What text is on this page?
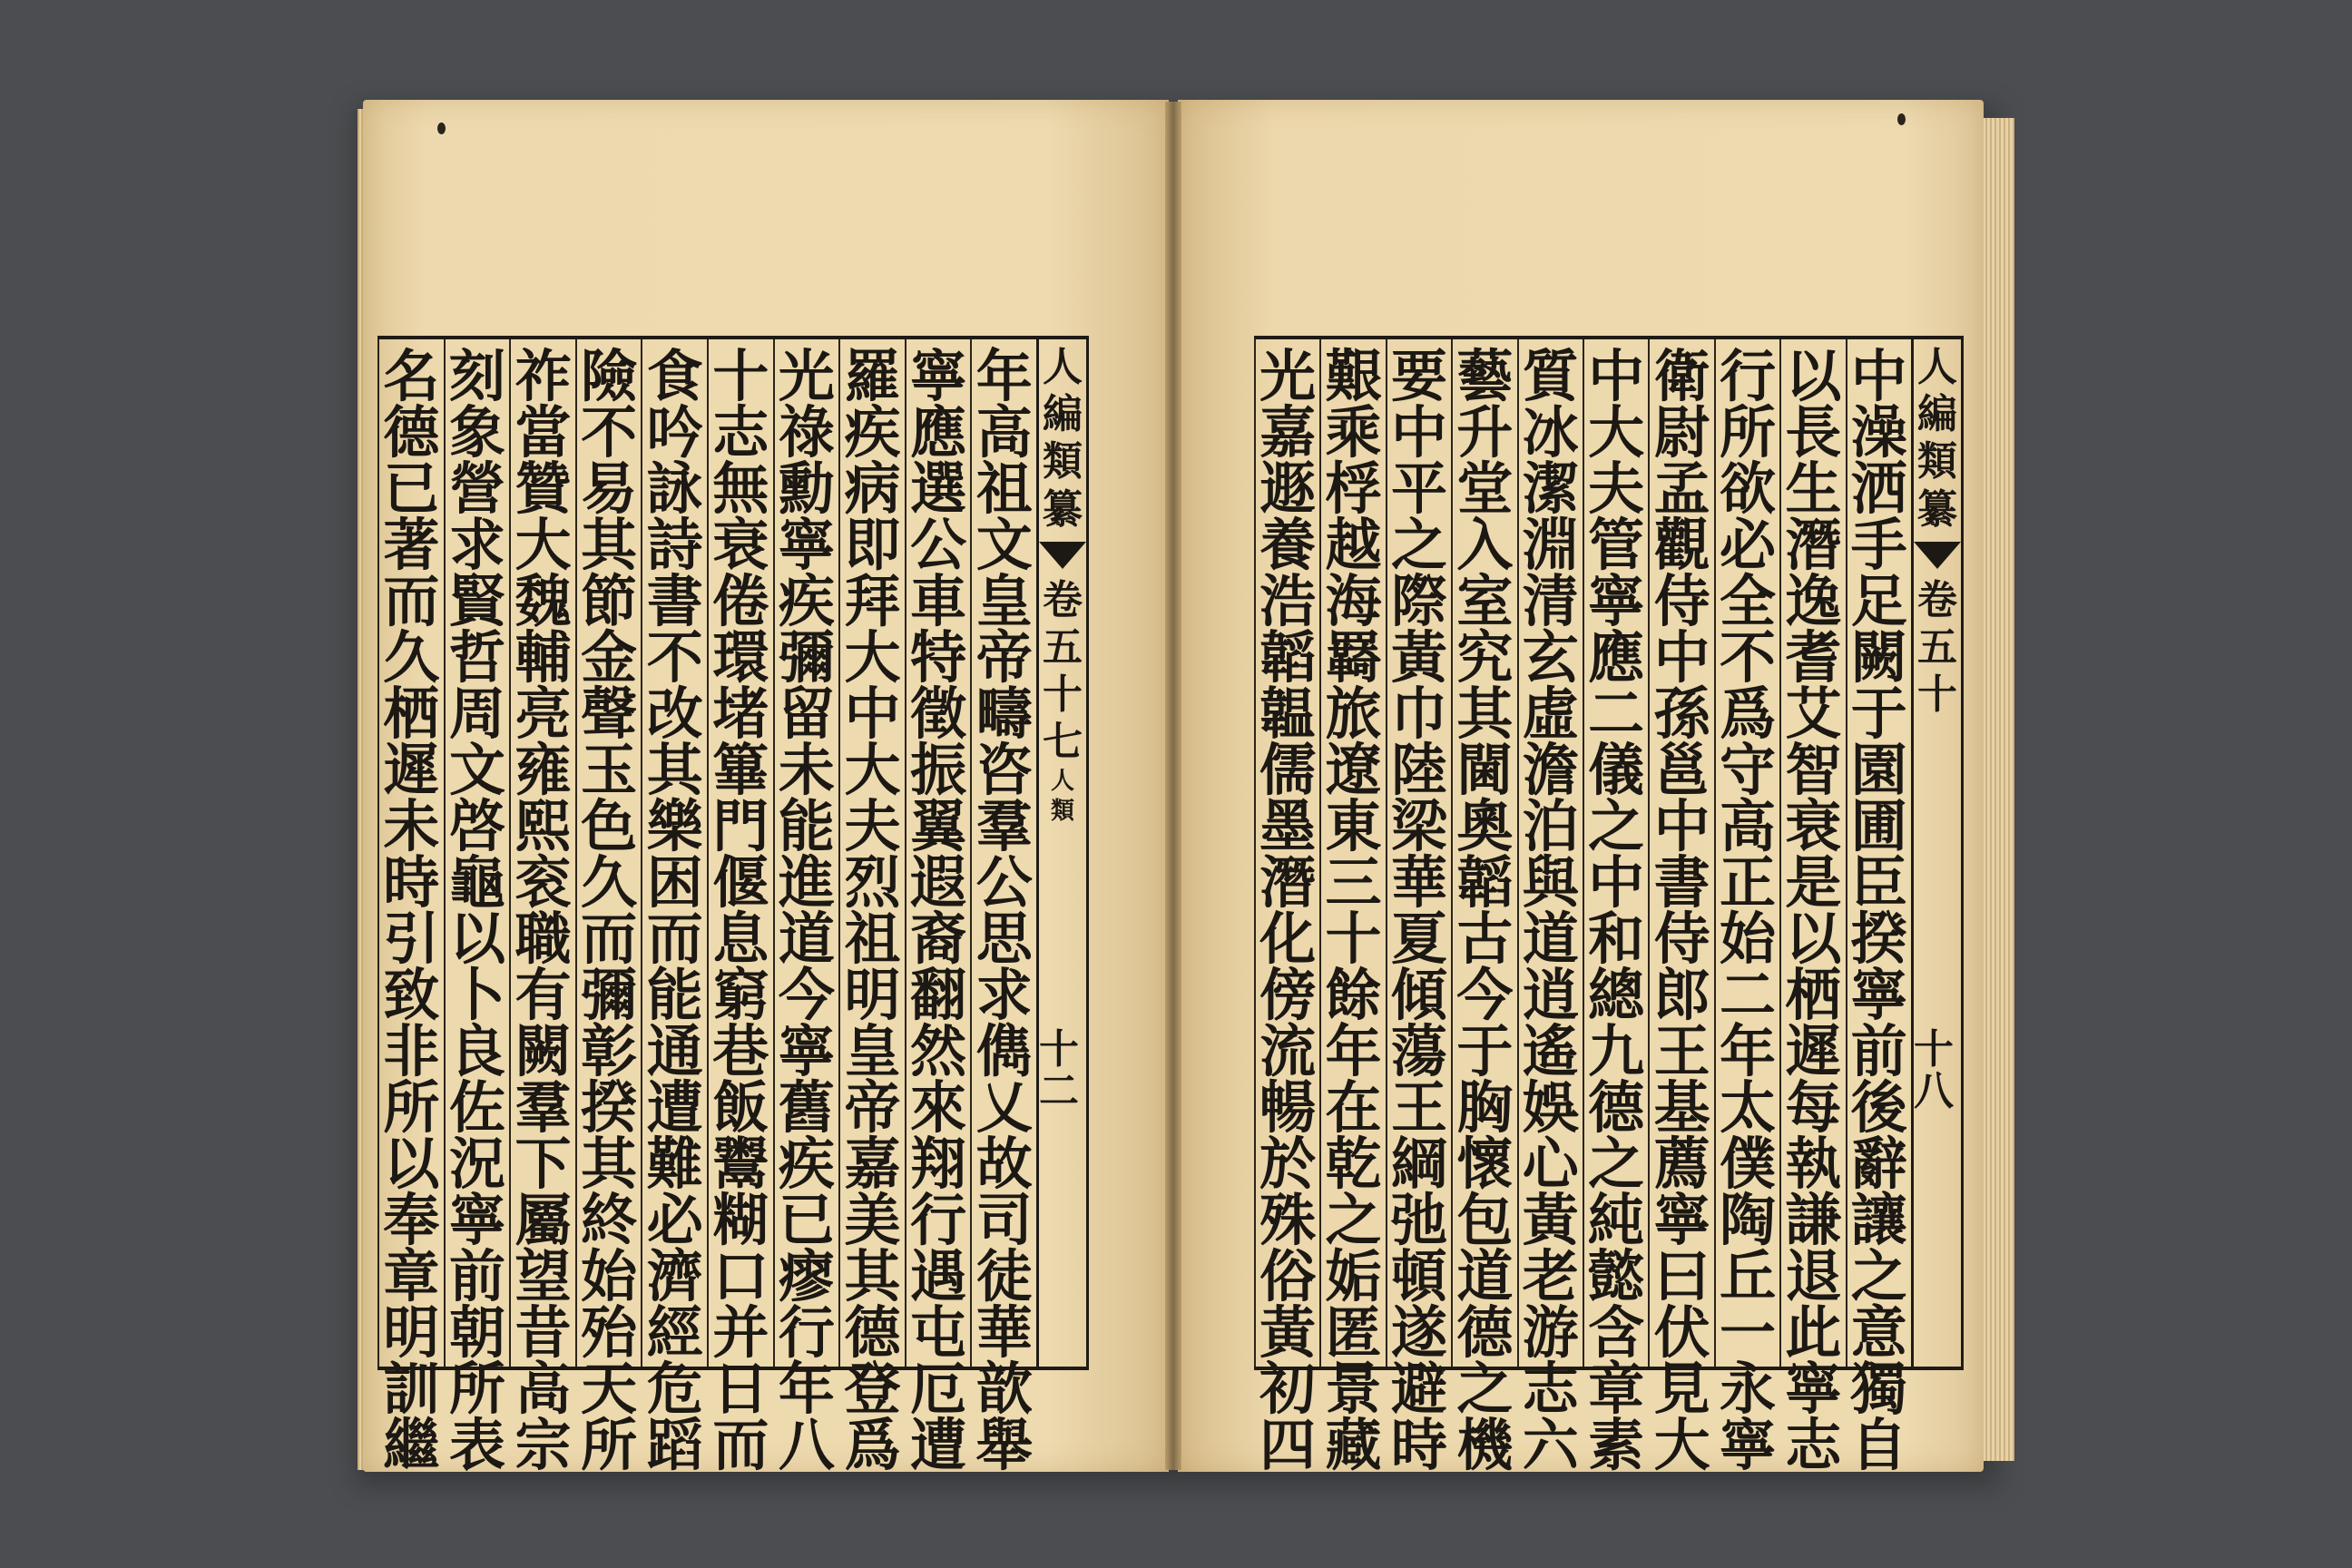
年
高
祖
文
皇
帝
疇
咨
羣
公
思
求
儁
乂
故
司
徒
華
歆
舉
寧
應
選
公
車
特
徵
振
翼
遐
裔
翻
然
來
翔
行
遇
屯
厄
遭
羅
疾
病
即
拜
大
中
大
夫
烈
祖
明
皇
帝
嘉
美
其
德
登
爲
光
祿
勳
寧
疾
彌
留
未
能
進
道
今
寧
舊
疾
已
瘳
行
年
八
十
志
無
衰
倦
環
堵
篳
門
偃
息
窮
巷
飯
鬻
糊
口
并
日
而
食
吟
詠
詩
書
不
改
其
樂
困
而
能
通
遭
難
必
濟
經
危
蹈
險
不
易
其
節
金
聲
玉
色
久
而
彌
彰
揆
其
終
始
殆
天
所
祚
當
贊
大
魏
輔
亮
雍
熙
衮
職
有
闕
羣
下
屬
望
昔
高
宗
刻
象
營
求
賢
哲
周
文
啓
龜
以
卜
良
佐
況
寧
前
朝
所
表
名
德
已
著
而
久
栖
遲
未
時
引
致
非
所
以
奉
章
明
訓
繼
人
編
類
纂
卷
五
十
七
人
類
十二
人
編
類
纂
卷
五
十
十八
中
澡
洒
手
足
闕
于
園
圃
臣
揆
寧
前
後
辭
讓
之
意
獨
自
以
長
生
潛
逸
耆
艾
智
衰
是
以
栖
遲
每
執
謙
退
此
寧
志
行
所
欲
必
全
不
爲
守
高
正
始
二
年
太
僕
陶
丘
一
永
寧
衛
尉
孟
觀
侍
中
孫
邕
中
書
侍
郎
王
基
薦
寧
曰
伏
見
大
中
大
夫
管
寧
應
二
儀
之
中
和
總
九
德
之
純
懿
含
章
素
質
冰
潔
淵
清
玄
虛
澹
泊
與
道
逍
遙
娛
心
黃
老
游
志
六
藝
升
堂
入
室
究
其
閫
奧
韜
古
今
于
胸
懷
包
道
德
之
機
要
中
平
之
際
黃
巾
陸
梁
華
夏
傾
蕩
王
綱
弛
頓
遂
避
時
艱
乘
桴
越
海
羇
旅
遼
東
三
十
餘
年
在
乾
之
姤
匿
景
藏
光
嘉
遯
養
浩
韜
韞
儒
墨
潛
化
傍
流
暢
於
殊
俗
黃
初
四
